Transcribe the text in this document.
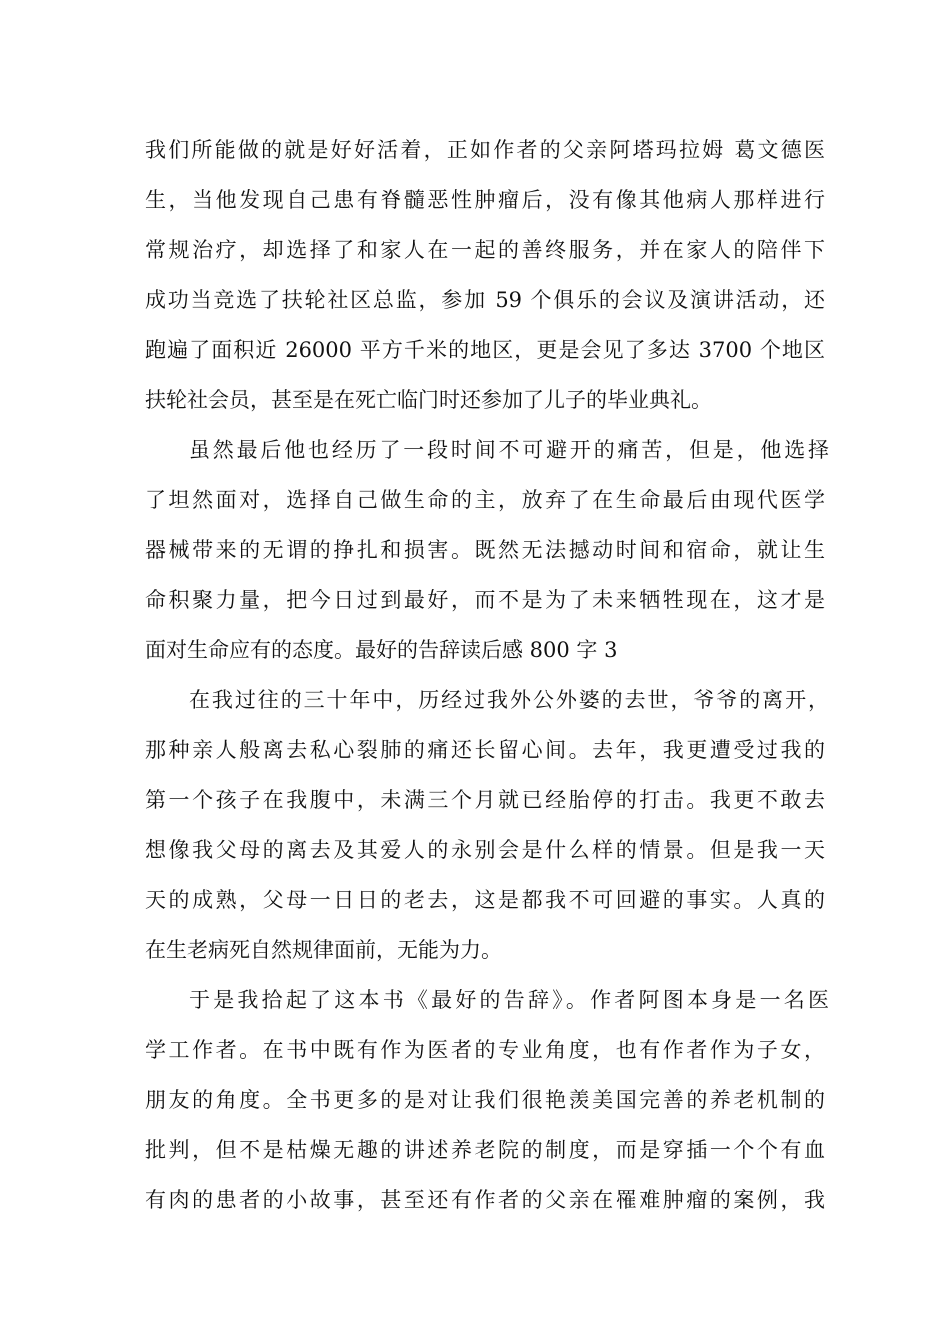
我们所能做的就是好好活着，正如作者的父亲阿塔玛拉姆 葛文德医
生，当他发现自己患有脊髓恶性肿瘤后，没有像其他病人那样进行
常规治疗，却选择了和家人在一起的善终服务，并在家人的陪伴下
成功当竞选了扶轮社区总监，参加 59 个俱乐的会议及演讲活动，还
跑遍了面积近 26000 平方千米的地区，更是会见了多达 3700 个地区
扶轮社会员，甚至是在死亡临门时还参加了儿子的毕业典礼。
虽然最后他也经历了一段时间不可避开的痛苦，但是，他选择
了坦然面对，选择自己做生命的主，放弃了在生命最后由现代医学
器械带来的无谓的挣扎和损害。既然无法撼动时间和宿命，就让生
命积聚力量，把今日过到最好，而不是为了未来牺牲现在，这才是
面对生命应有的态度。最好的告辞读后感 800 字 3
在我过往的三十年中，历经过我外公外婆的去世，爷爷的离开，
那种亲人般离去私心裂肺的痛还长留心间。去年，我更遭受过我的
第一个孩子在我腹中，未满三个月就已经胎停的打击。我更不敢去
想像我父母的离去及其爱人的永别会是什么样的情景。但是我一天
天的成熟，父母一日日的老去，这是都我不可回避的事实。人真的
在生老病死自然规律面前，无能为力。
于是我拾起了这本书《最好的告辞》。作者阿图本身是一名医
学工作者。在书中既有作为医者的专业角度，也有作者作为子女，
朋友的角度。全书更多的是对让我们很艳羡美国完善的养老机制的
批判，但不是枯燥无趣的讲述养老院的制度，而是穿插一个个有血
有肉的患者的小故事，甚至还有作者的父亲在罹难肿瘤的案例，我
